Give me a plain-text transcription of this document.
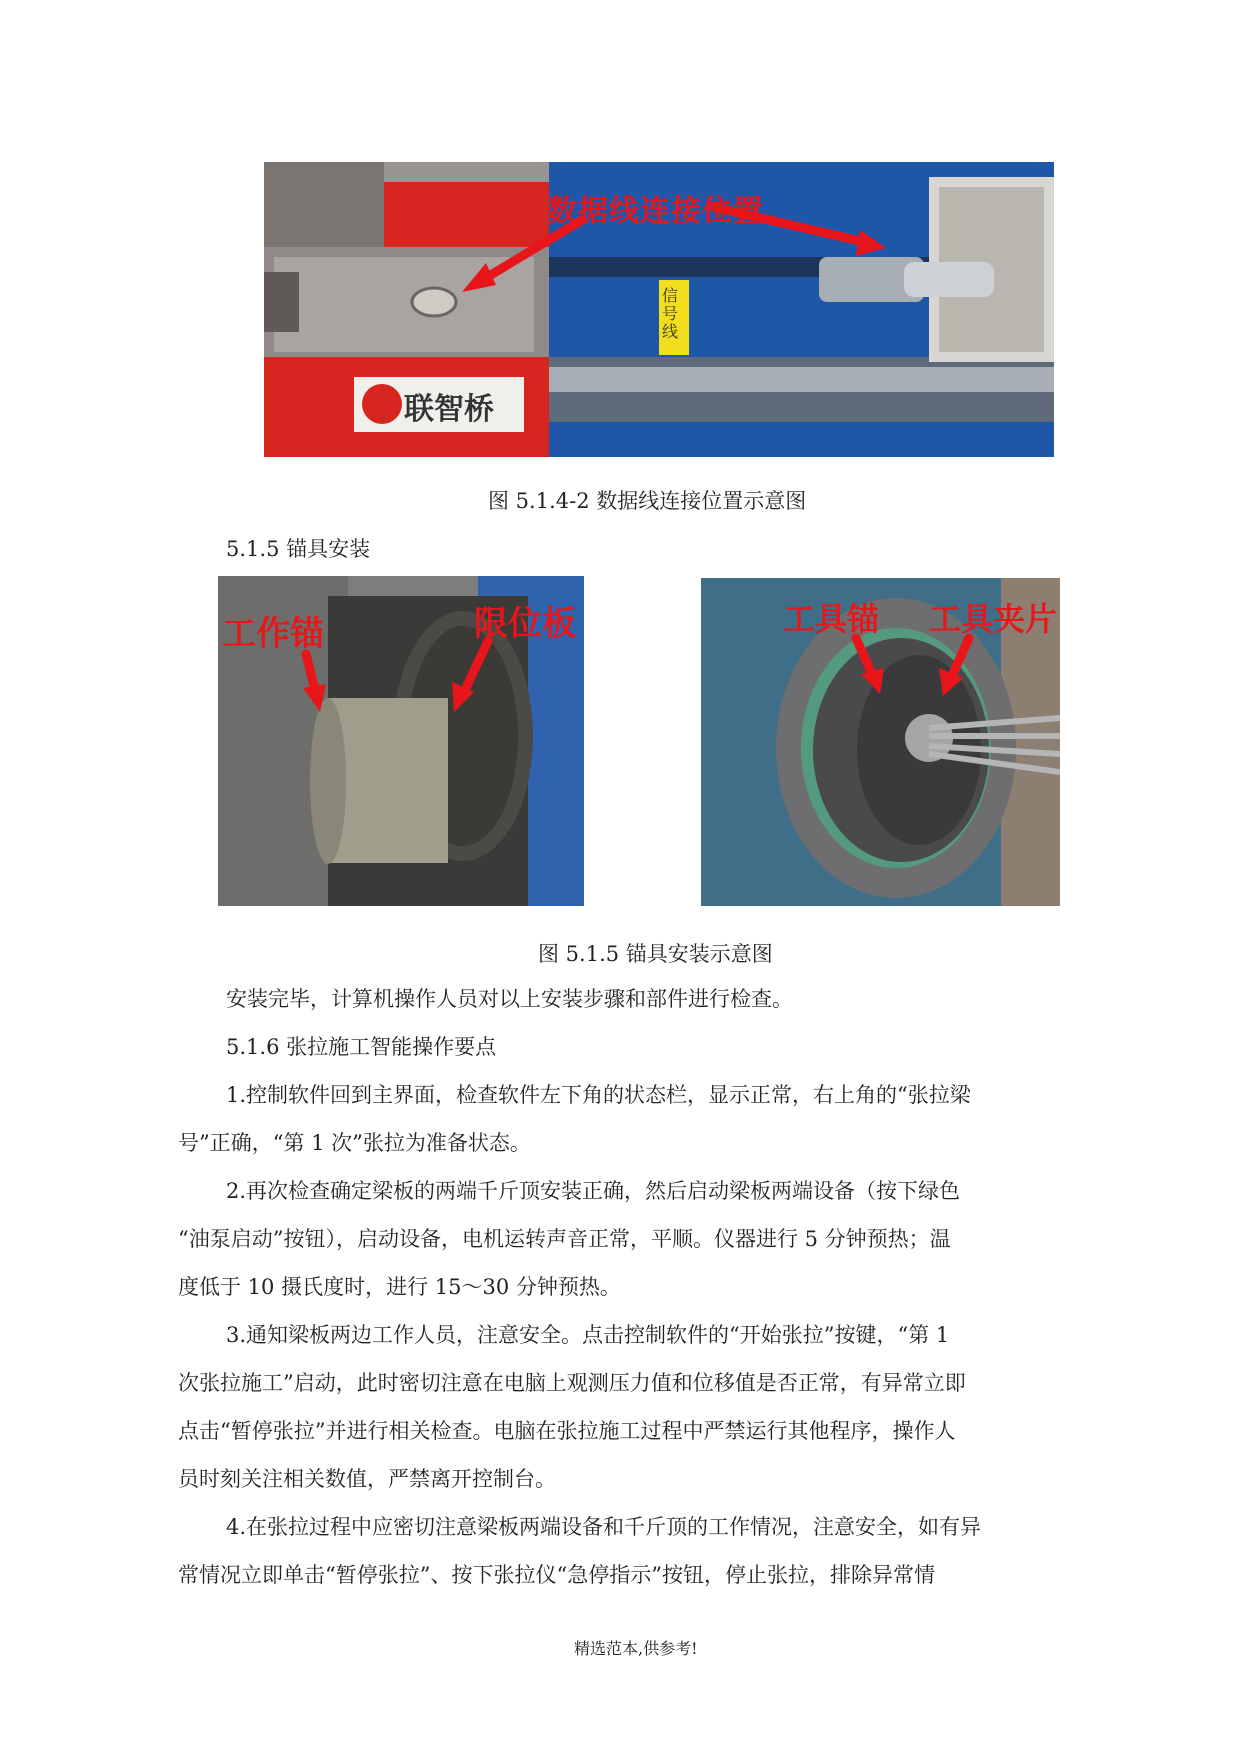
数据线连接位置
联智桥
信号线
图 5.1.4-2 数据线连接位置示意图
5.1.5 锚具安装
工作锚	限位板	工具锚 工具夹片
图 5.1.5 锚具安装示意图
安装完毕，计算机操作人员对以上安装步骤和部件进行检查。
5.1.6 张拉施工智能操作要点
1.控制软件回到主界面，检查软件左下角的状态栏，显示正常，右上角的“张拉梁
号”正确，“第 1 次”张拉为准备状态。
2.再次检查确定梁板的两端千斤顶安装正确，然后启动梁板两端设备（按下绿色
“油泵启动”按钮），启动设备，电机运转声音正常，平顺。仪器进行 5 分钟预热；温
度低于 10 摄氏度时，进行 15～30 分钟预热。
3.通知梁板两边工作人员，注意安全。点击控制软件的“开始张拉”按键，“第 1
次张拉施工”启动，此时密切注意在电脑上观测压力值和位移值是否正常，有异常立即
点击“暂停张拉”并进行相关检查。电脑在张拉施工过程中严禁运行其他程序，操作人
员时刻关注相关数值，严禁离开控制台。
4.在张拉过程中应密切注意梁板两端设备和千斤顶的工作情况，注意安全，如有异
常情况立即单击“暂停张拉”、按下张拉仪“急停指示”按钮，停止张拉，排除异常情
精选范本,供参考!
